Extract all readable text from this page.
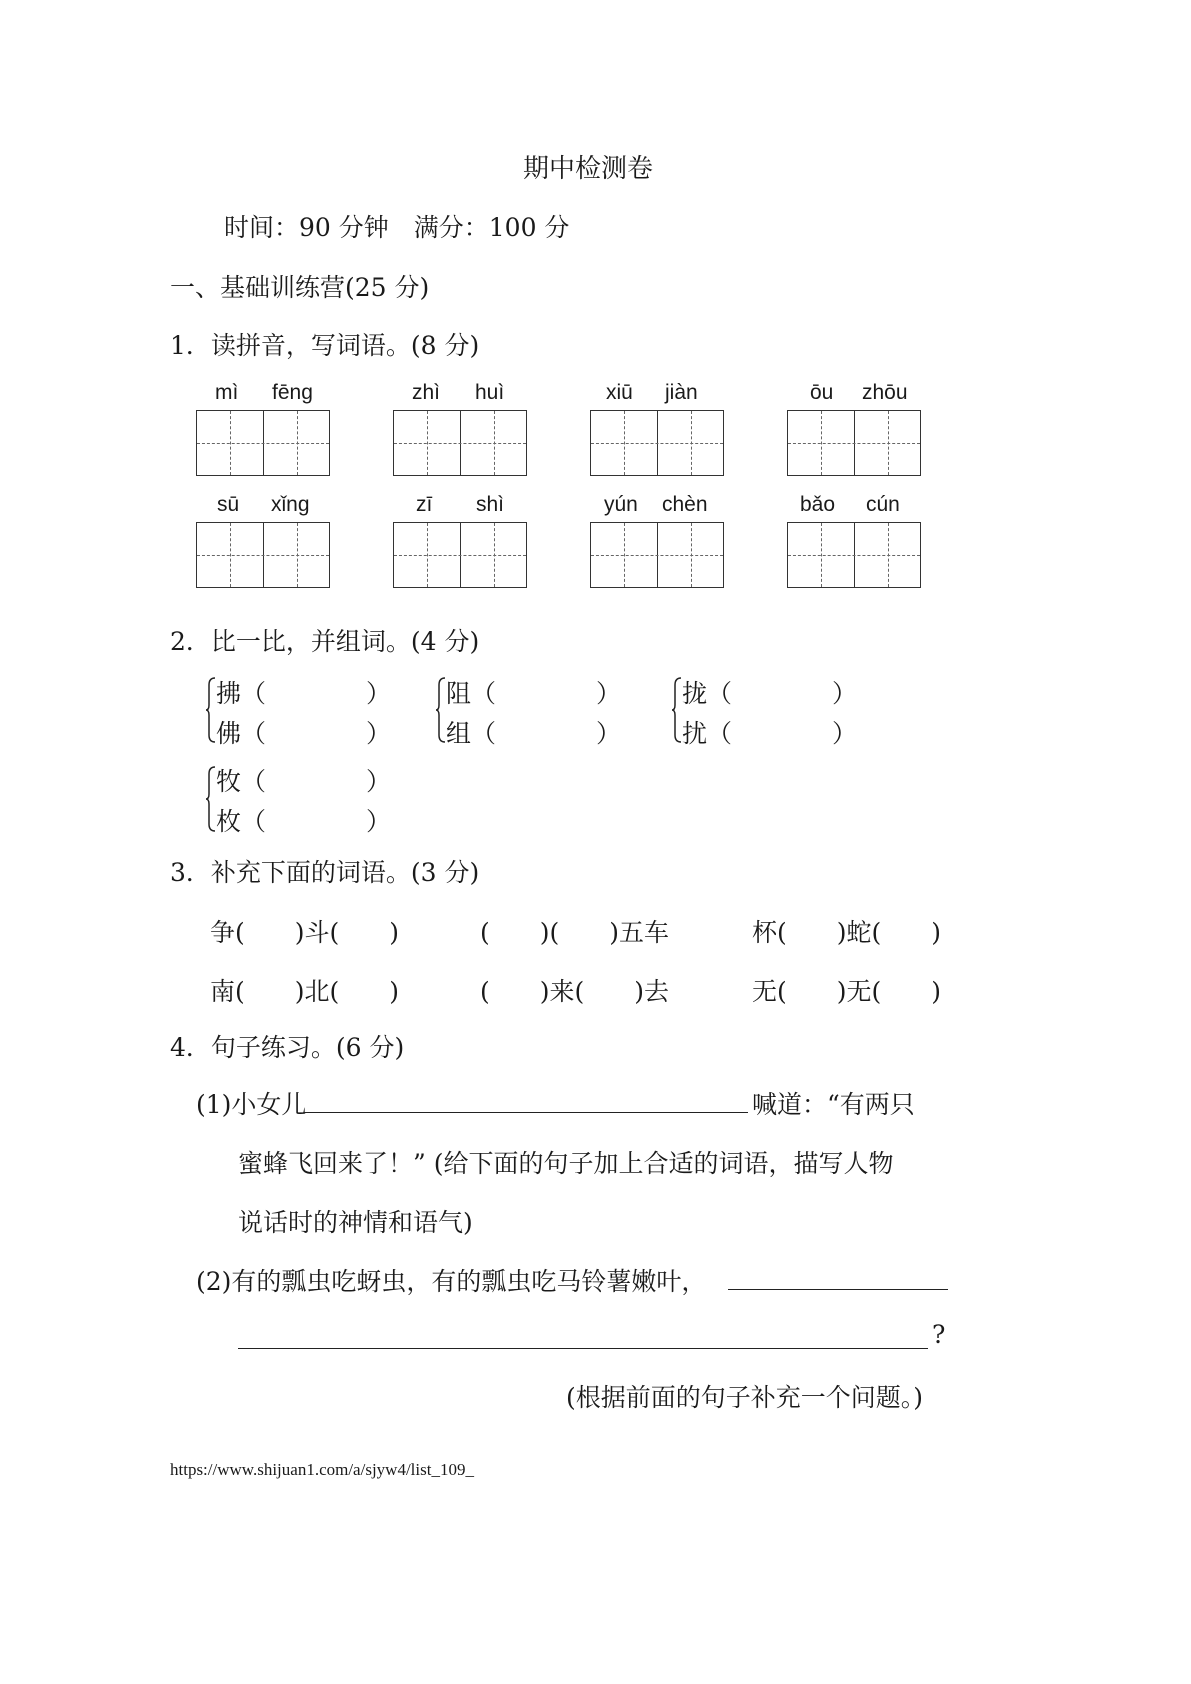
期中检测卷
时间：90 分钟　满分：100 分
一、基础训练营(25 分)
1．读拼音，写词语。(8 分)
mì fēng	zhì huì	xiū jiàn	ōu zhōu
sū xǐng	zī shì	yún chèn	bǎo cún
2．比一比，并组词。(4 分)
拂（　　　　）
佛（　　　　）
阻（　　　　）
组（　　　　）
拢（　　　　）
扰（　　　　）
牧（　　　　）
枚（　　　　）
3．补充下面的词语。(3 分)
争(　　)斗(　　)	(　　)(　　)五车	杯(　　)蛇(　　)
南(　　)北(　　)	(　　)来(　　)去	无(　　)无(　　)
4．句子练习。(6 分)
(1)小女儿	喊道：“有两只
蜜蜂飞回来了！” (给下面的句子加上合适的词语，描写人物
说话时的神情和语气)
(2)有的瓢虫吃蚜虫，有的瓢虫吃马铃薯嫩叶，
?
(根据前面的句子补充一个问题。)
https://www.shijuan1.com/a/sjyw4/list_109_
